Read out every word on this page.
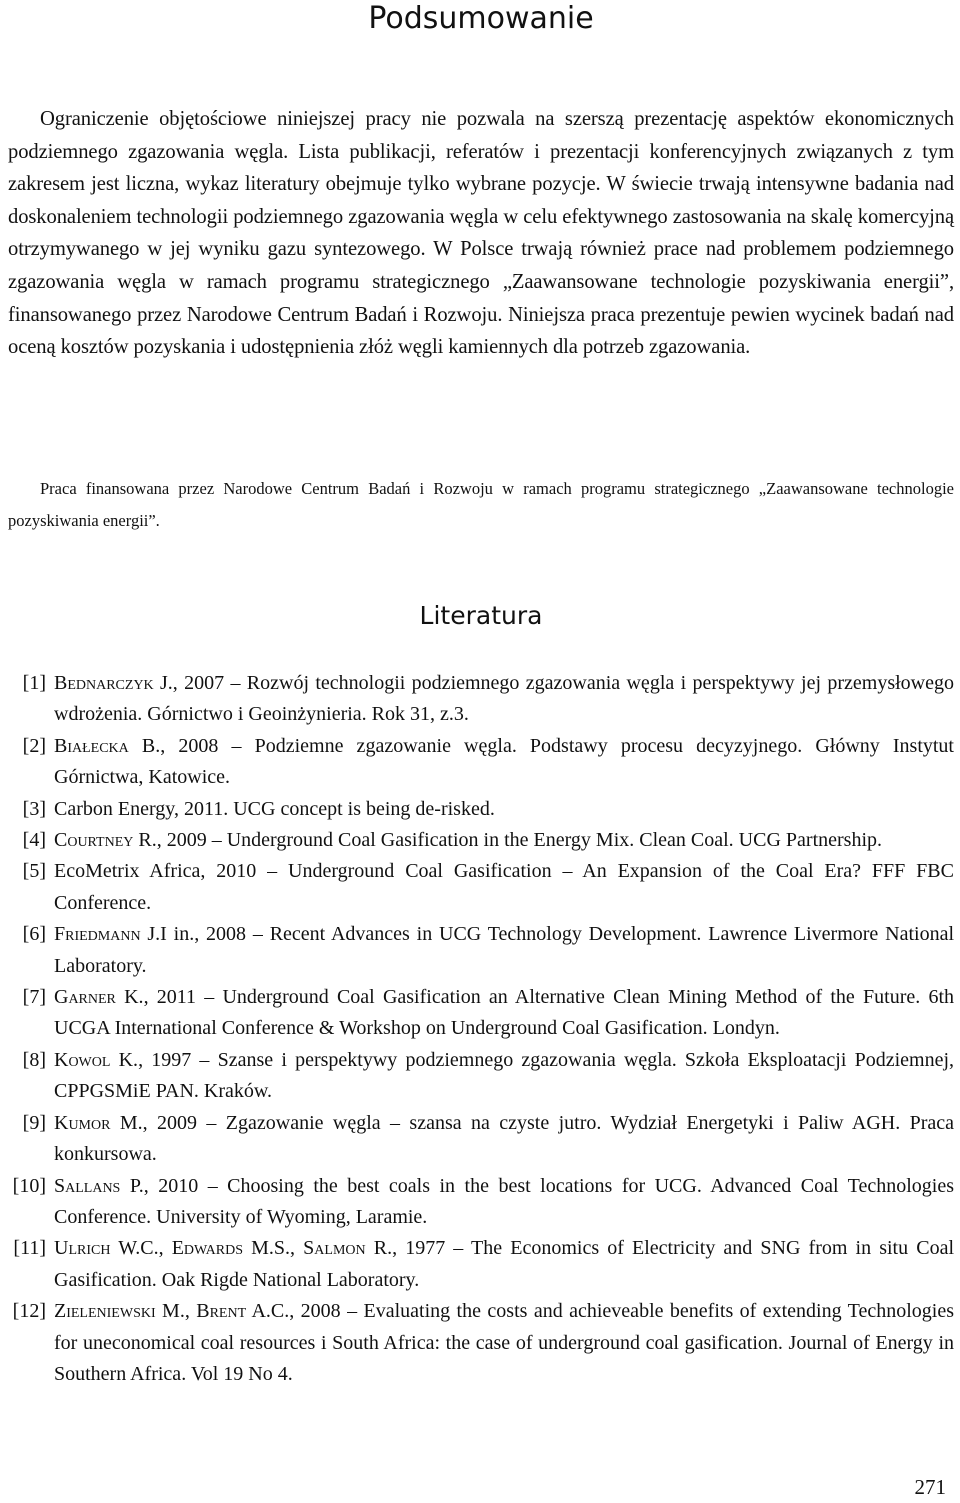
Podsumowanie

Ograniczenie objętościowe niniejszej pracy nie pozwala na szerszą prezentację aspektów ekonomicznych podziemnego zgazowania węgla. Lista publikacji, referatów i prezentacji konferencyjnych związanych z tym zakresem jest liczna, wykaz literatury obejmuje tylko wybrane pozycje. W świecie trwają intensywne badania nad doskonaleniem technologii podziemnego zgazowania węgla w celu efektywnego zastosowania na skalę komercyjną otrzymywanego w jej wyniku gazu syntezowego. W Polsce trwają również prace nad problemem podziemnego zgazowania węgla w ramach programu strategicznego „Zaawansowane technologie pozyskiwania energii”, finansowanego przez Narodowe Centrum Badań i Rozwoju. Niniejsza praca prezentuje pewien wycinek badań nad oceną kosztów pozyskania i udostępnienia złóż węgli kamiennych dla potrzeb zgazowania.

Praca finansowana przez Narodowe Centrum Badań i Rozwoju w ramach programu strategicznego „Zaawansowane technologie pozyskiwania energii”.

Literatura
[1] Bednarczyk J., 2007 – Rozwój technologii podziemnego zgazowania węgla i perspektywy jej przemysłowego wdrożenia. Górnictwo i Geoinżynieria. Rok 31, z.3.
[2] Białecka B., 2008 – Podziemne zgazowanie węgla. Podstawy procesu decyzyjnego. Główny Instytut Górnictwa, Katowice.
[3] Carbon Energy, 2011. UCG concept is being de-risked.
[4] Courtney R., 2009 – Underground Coal Gasification in the Energy Mix. Clean Coal. UCG Partnership.
[5] EcoMetrix Africa, 2010 – Underground Coal Gasification – An Expansion of the Coal Era? FFF FBC Conference.
[6] Friedmann J.I in., 2008 – Recent Advances in UCG Technology Development. Lawrence Livermore National Laboratory.
[7] Garner K., 2011 – Underground Coal Gasification an Alternative Clean Mining Method of the Future. 6th UCGA International Conference & Workshop on Underground Coal Gasification. Londyn.
[8] Kowol K., 1997 – Szanse i perspektywy podziemnego zgazowania węgla. Szkoła Eksploatacji Podziemnej, CPPGSMiE PAN. Kraków.
[9] Kumor M., 2009 – Zgazowanie węgla – szansa na czyste jutro. Wydział Energetyki i Paliw AGH. Praca konkursowa.
[10] Sallans P., 2010 – Choosing the best coals in the best locations for UCG. Advanced Coal Technologies Conference. University of Wyoming, Laramie.
[11] Ulrich W.C., Edwards M.S., Salmon R., 1977 – The Economics of Electricity and SNG from in situ Coal Gasification. Oak Rigde National Laboratory.
[12] Zieleniewski M., Brent A.C., 2008 – Evaluating the costs and achieveable benefits of extending Technologies for uneconomical coal resources i South Africa: the case of underground coal gasification. Journal of Energy in Southern Africa. Vol 19 No 4.
271
